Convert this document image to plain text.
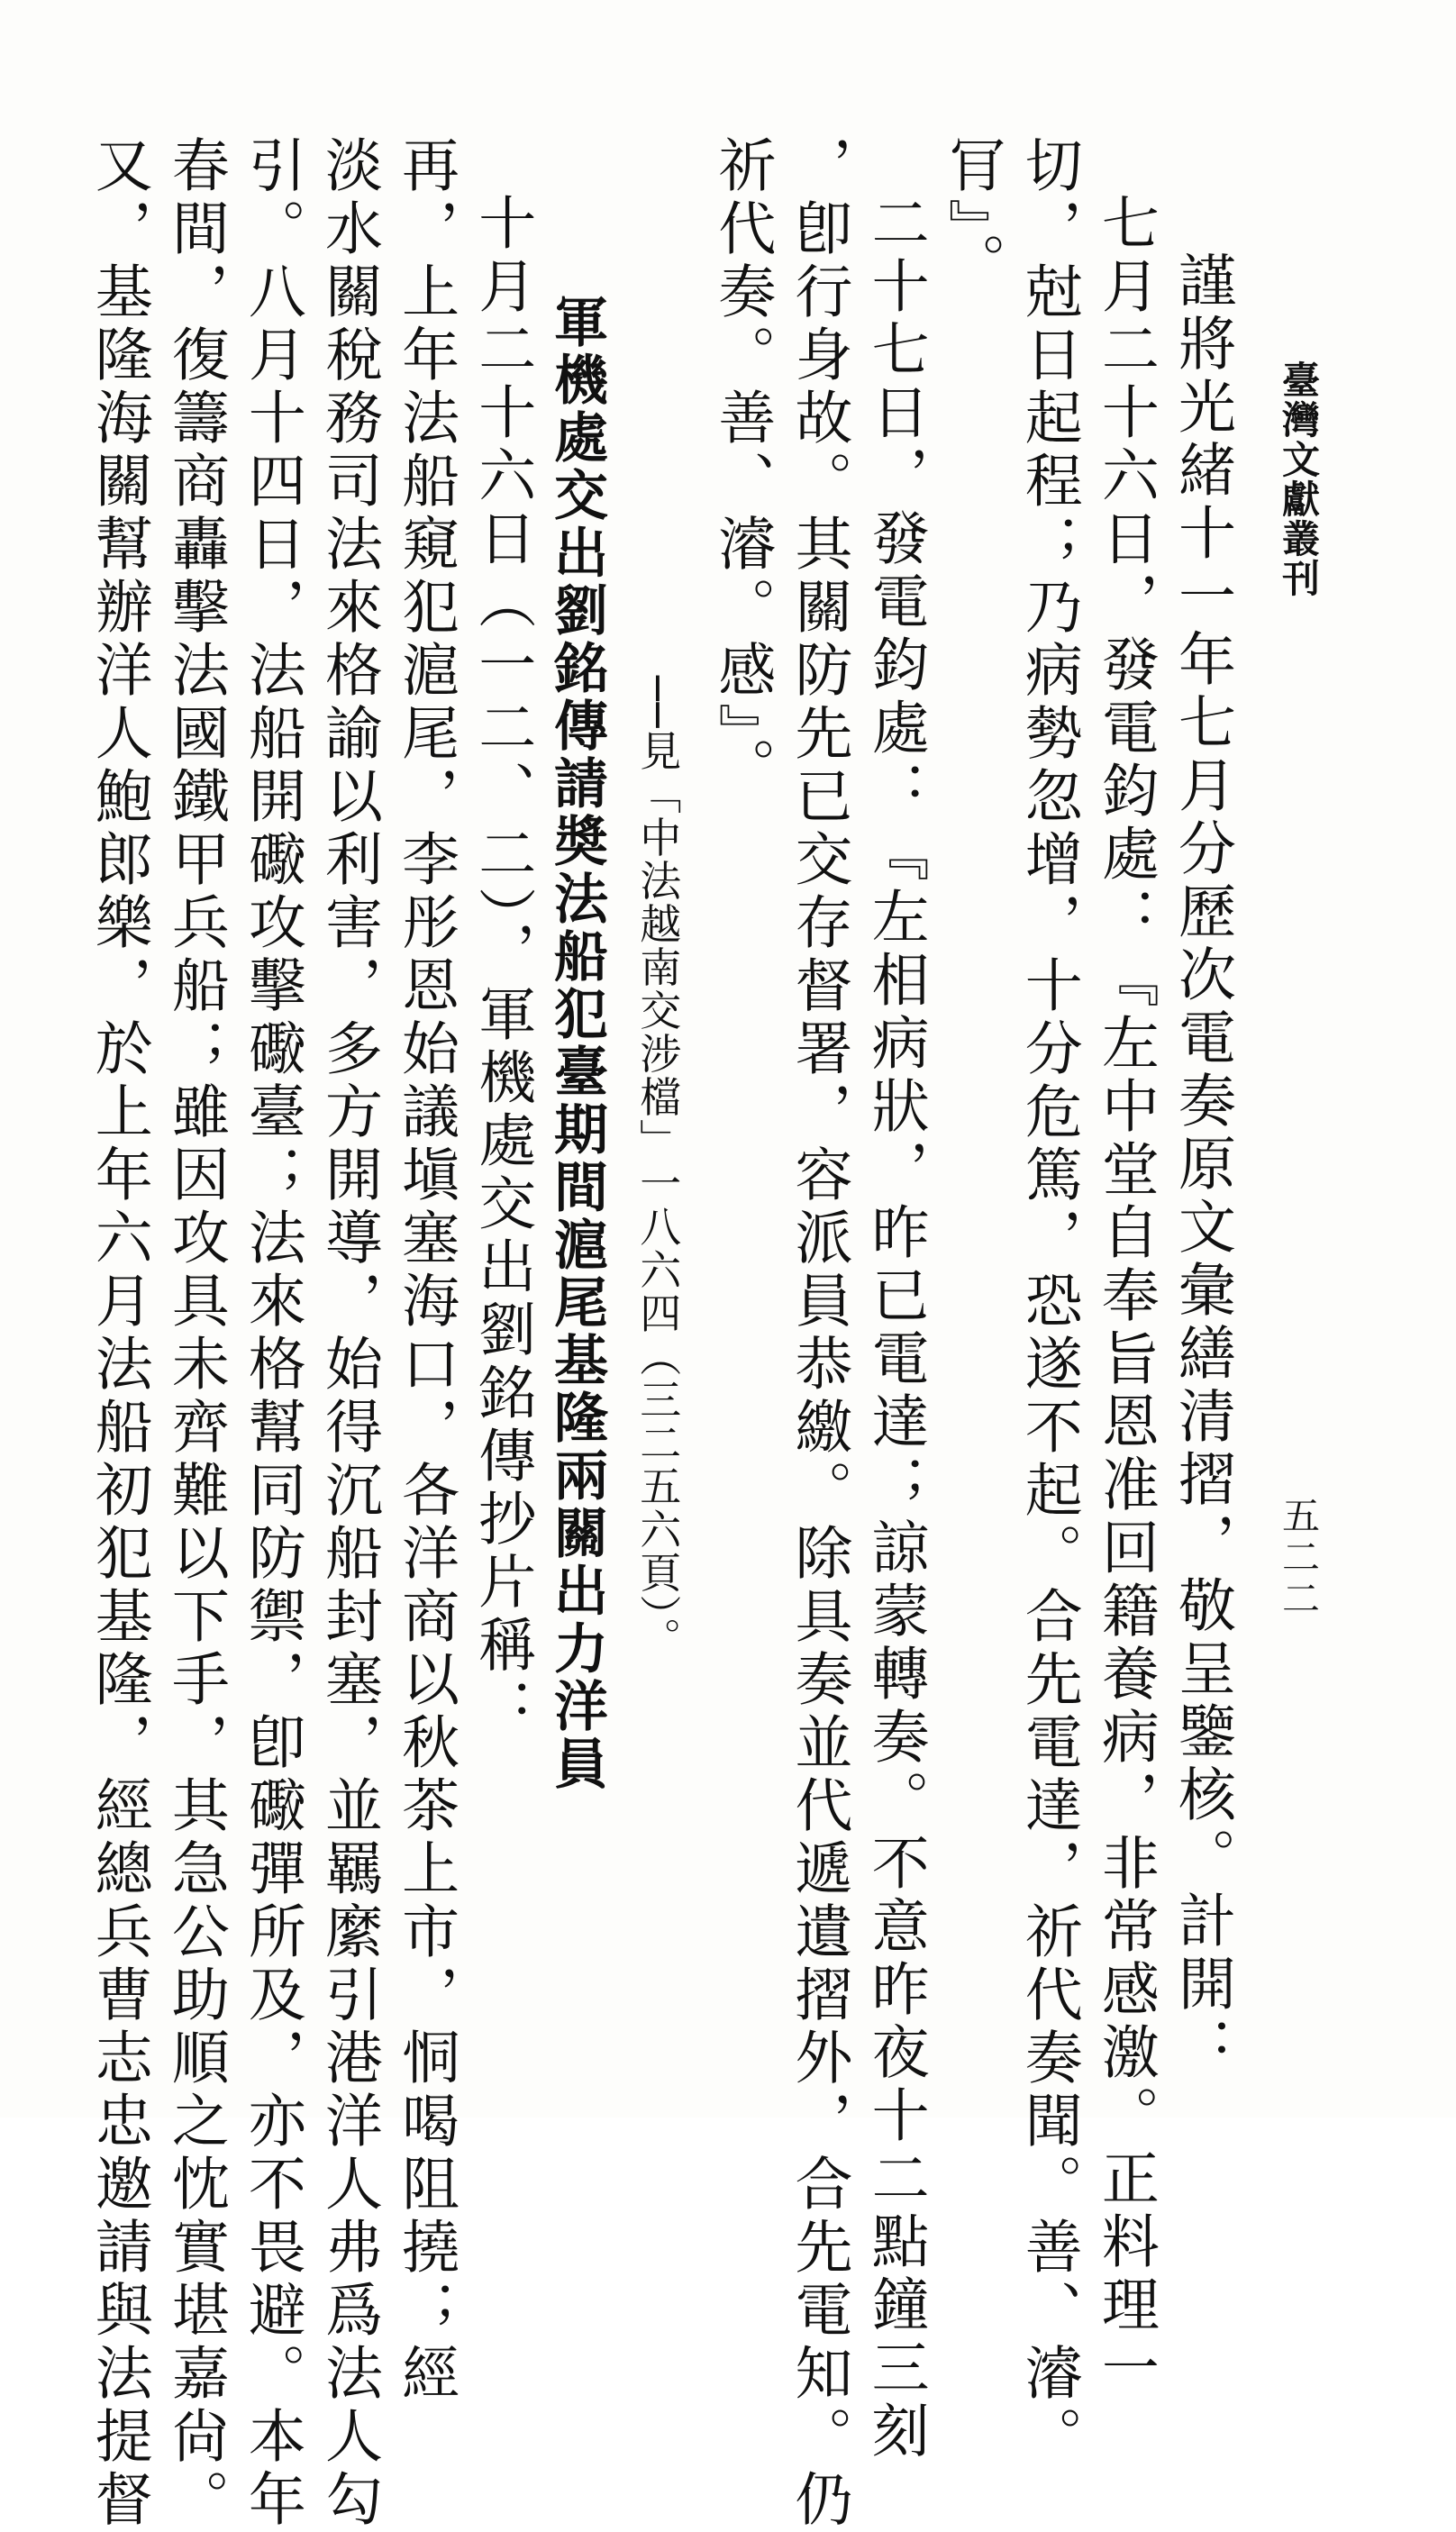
臺灣文獻叢刊
五二二
謹將光緒十一年七月分歷次電奏原文彙繕清摺，敬呈鑒核。計開：
七月二十六日，發電鈞處：『左中堂自奉旨恩准回籍養病，非常感激。正料理一
切，尅日起程；乃病勢忽增，十分危篤，恐遂不起。合先電達，祈代奏聞。善、濬。
肎』。
二十七日，發電鈞處：『左相病狀，昨已電達；諒蒙轉奏。不意昨夜十二點鐘三刻
，卽行身故。其關防先已交存督署，容派員恭繳。除具奏並代遞遺摺外，合先電知。仍
祈代奏。善、濬。感』。
──見「中法越南交涉檔」一八六四（三二五六頁）。
軍機處交出劉銘傳請奬法船犯臺期間滬尾基隆兩關出力洋員
十月二十六日（一二、二），軍機處交出劉銘傳抄片稱：
再，上年法船窺犯滬尾，李彤恩始議塡塞海口，各洋商以秋茶上市，恫喝阻撓；經
淡水關稅務司法來格諭以利害，多方開導，始得沉船封塞，並羈縻引港洋人弗爲法人勾
引。八月十四日，法船開礮攻擊礮臺；法來格幫同防禦，卽礮彈所及，亦不畏避。本年
春間，復籌商轟擊法國鐵甲兵船；雖因攻具未齊難以下手，其急公助順之忱實堪嘉尙。
又，基隆海關幫辦洋人鮑郎樂，於上年六月法船初犯基隆，經總兵曹志忠邀請與法提督
